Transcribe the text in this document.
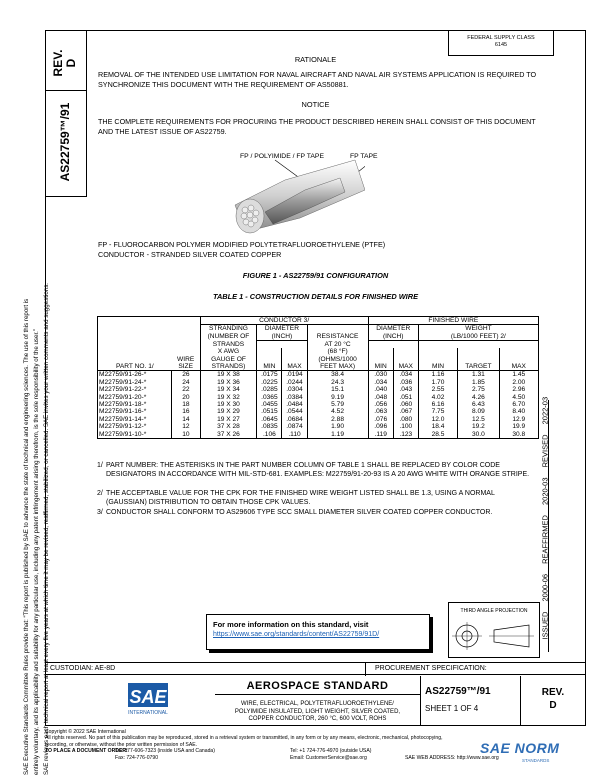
REV.
D
AS22759™/91
SAE Executive Standards Committee Rules provide that: “This report is published by SAE to advance the state of technical and engineering sciences. The use of this report is entirely voluntary, and its applicability and suitability for any particular use, including any patent infringement arising therefrom, is the sole responsibility of the user.” SAE reviews each technical report at least every five years at which time it may be revised, reaffirmed, stabilized, or cancelled. SAE invites your written comments and suggestions.	ISSUED 2000-06 REAFFIRMED 2020-03 REVISED 2022-03
FEDERAL SUPPLY CLASS
6145
RATIONALE
REMOVAL OF THE INTENDED USE LIMITATION FOR NAVAL AIRCRAFT AND NAVAL AIR SYSTEMS APPLICATION IS REQUIRED TO SYNCHRONIZE THIS DOCUMENT WITH THE REQUIREMENT OF AS50881.
NOTICE
THE COMPLETE REQUIREMENTS FOR PROCURING THE PRODUCT DESCRIBED HEREIN SHALL CONSIST OF THIS DOCUMENT AND THE LATEST ISSUE OF AS22759.
FP / POLYIMIDE / FP TAPE	FP TAPE
FP - FLUOROCARBON POLYMER MODIFIED POLYTETRAFLUOROETHYLENE (PTFE)
CONDUCTOR - STRANDED SILVER COATED COPPER
FIGURE 1 - AS22759/91 CONFIGURATION
TABLE 1 - CONSTRUCTION DETAILS FOR FINISHED WIRE
		CONDUCTOR 3/				FINISHED WIRE				
		STRANDING	DIAMETER			DIAMETER		WEIGHT		
		(NUMBER OF	(INCH)		RESISTANCE	(INCH)		(LB/1000 FEET) 2/		
		STRANDS			AT 20 °C					
		X AWG			(68 °F)					
	WIRE	GAUGE OF			(OHMS/1000					
PART NO. 1/	SIZE	STRANDS)	MIN	MAX	FEET MAX)	MIN	MAX	MIN	TARGET	MAX
M22759/91-26-*	26	19 X 38	.0175	.0194	38.4	.030	.034	1.16	1.31	1.45
M22759/91-24-*	24	19 X 36	.0225	.0244	24.3	.034	.036	1.70	1.85	2.00
M22759/91-22-*	22	19 X 34	.0285	.0304	15.1	.040	.043	2.55	2.75	2.96
M22759/91-20-*	20	19 X 32	.0365	.0384	9.19	.048	.051	4.02	4.26	4.50
M22759/91-18-*	18	19 X 30	.0455	.0484	5.79	.056	.060	6.16	6.43	6.70
M22759/91-16-*	16	19 X 29	.0515	.0544	4.52	.063	.067	7.75	8.09	8.40
M22759/91-14-*	14	19 X 27	.0645	.0684	2.88	.076	.080	12.0	12.5	12.9
M22759/91-12-*	12	37 X 28	.0835	.0874	1.90	.096	.100	18.4	19.2	19.9
M22759/91-10-*	10	37 X 26	.106	.110	1.19	.119	.123	28.5	30.0	30.8
1/ PART NUMBER: THE ASTERISKS IN THE PART NUMBER COLUMN OF TABLE 1 SHALL BE REPLACED BY COLOR CODE DESIGNATORS IN ACCORDANCE WITH MIL-STD-681. EXAMPLES: M22759/91-20-93 IS A 20 AWG WHITE WITH ORANGE STRIPE.
2/ THE ACCEPTABLE VALUE FOR THE CPK FOR THE FINISHED WIRE WEIGHT LISTED SHALL BE 1.3, USING A NORMAL (GAUSSIAN) DISTRIBUTION TO OBTAIN THOSE CPK VALUES.
3/ CONDUCTOR SHALL CONFORM TO AS29606 TYPE SCC SMALL DIAMETER SILVER COATED COPPER CONDUCTOR.
For more information on this standard, visit
https://www.sae.org/standards/content/AS22759/91D/
THIRD ANGLE PROJECTION
CUSTODIAN: AE-8D	PROCUREMENT SPECIFICATION:
SAE
INTERNATIONAL
AEROSPACE STANDARD
WIRE, ELECTRICAL, POLYTETRAFLUOROETHYLENE/
POLYIMIDE INSULATED, LIGHT WEIGHT, SILVER COATED,
COPPER CONDUCTOR, 260 °C, 600 VOLT, ROHS
AS22759™/91
SHEET 1 OF 4
REV.
D
Copyright © 2022 SAE International
All rights reserved. No part of this publication may be reproduced, stored in a retrieval system or transmitted, in any form or by any means, electronic, mechanical, photocopying,
recording, or otherwise, without the prior written permission of SAE.
TO PLACE A DOCUMENT ORDER:
Tel: 877-606-7323 (inside USA and Canada)	Tel: +1 724-776-4970 (outside USA)
Fax: 724-776-0790	Email: CustomerService@sae.org	SAE WEB ADDRESS: http://www.sae.org
SAE NORM
STANDARDS
